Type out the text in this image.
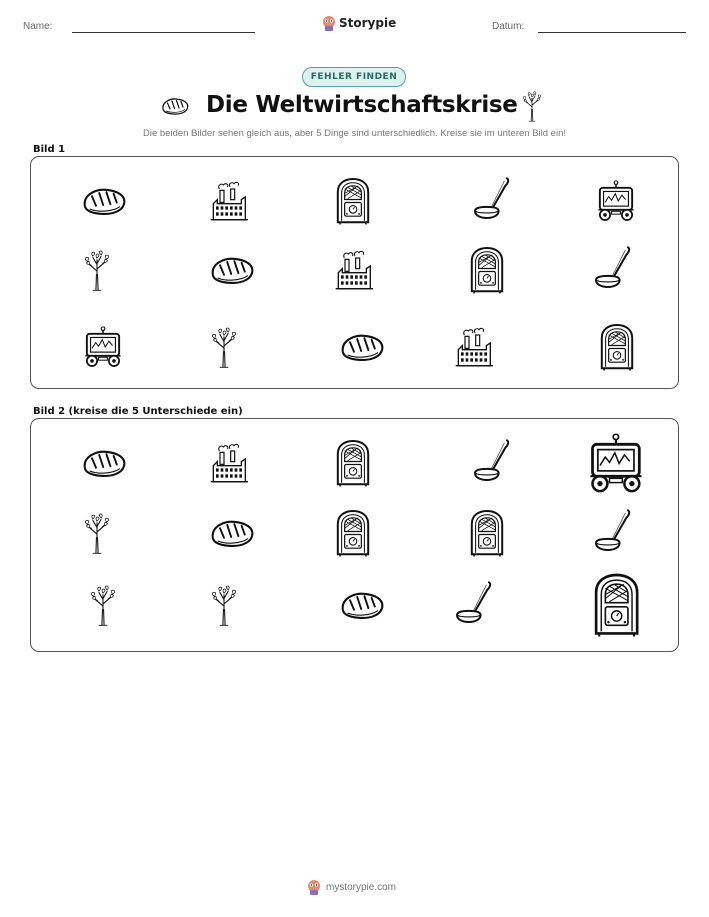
Name:	Storypie	Datum:
FEHLER FINDEN
Die Weltwirtschaftskrise
Die beiden Bilder sehen gleich aus, aber 5 Dinge sind unterschiedlich. Kreise sie im unteren Bild ein!
Bild 1
Bild 2 (kreise die 5 Unterschiede ein)
mystorypie.com
